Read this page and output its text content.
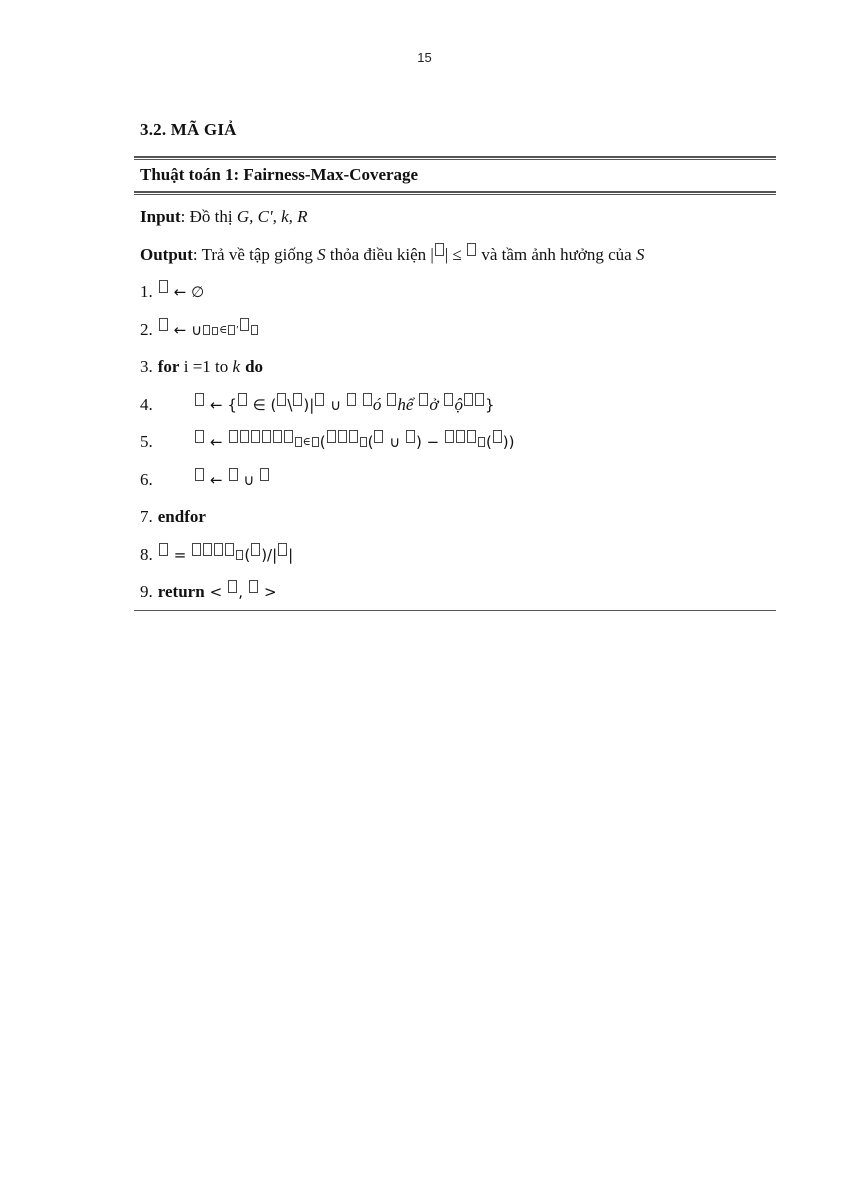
15
3.2. MÃ GIẢ
Thuật toán 1: Fairness-Max-Coverage
Input : Đồ thị G, C', k, R
Output : Trả về tập giống S thỏa điều kiện | | ≤ và tầm ảnh hưởng của S
1. ← ∅
2. ← ∪	∈ ′
3. for i =1 to k do
4.	← { ∈ ( \ )| ∪ ó hể ở ộ }
5.	←	∈ (	( ∪ ) −	( ))
6.	← ∪
7. endfor
8. =	( )/| |
9. return < , >
